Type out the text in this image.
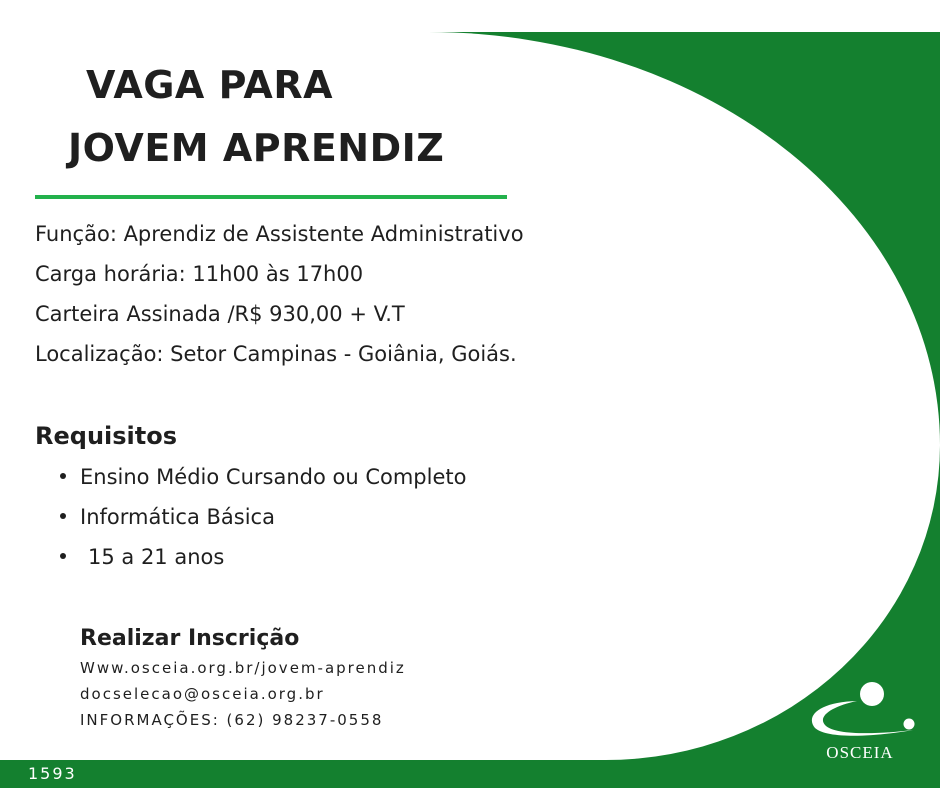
VAGA PARA
JOVEM APRENDIZ

Função: Aprendiz de Assistente Administrativo

Carga horária: 11h00 às 17h00

Carteira Assinada /R$ 930,00 + V.T

Localização: Setor Campinas - Goiânia, Goiás.

Requisitos
Ensino Médio Cursando ou Completo
Informática Básica
15 a 21 anos
Realizar Inscrição

Www.osceia.org.br/jovem-aprendiz

docselecao@osceia.org.br

INFORMAÇÕES: (62) 98237-0558

1593

OSCEIA
